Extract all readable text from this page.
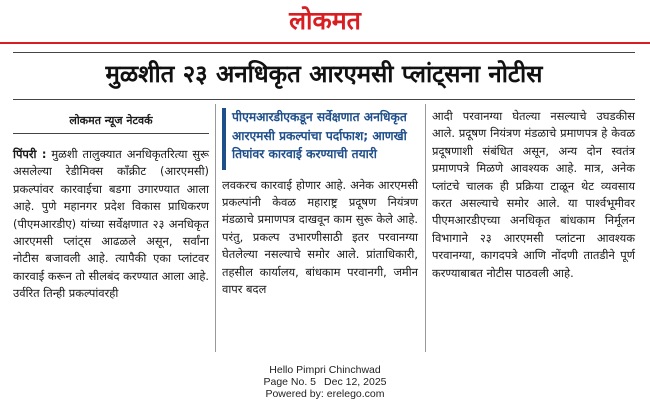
लोकमत
मुळशीत २३ अनधिकृत आरएमसी प्लांट्सना नोटीस
लोकमत न्यूज नेटवर्क

पिंपरी : मुळशी तालुक्यात अनधिकृतरित्या सुरू असलेल्या रेडीमिक्स काँक्रीट (आरएमसी) प्रकल्पांवर कारवाईचा बडगा उगारण्यात आला आहे. पुणे महानगर प्रदेश विकास प्राधिकरण (पीएमआरडीए) यांच्या सर्वेक्षणात २३ अनधिकृत आरएमसी प्लांट्स आढळले असून, सर्वांना नोटीस बजावली आहे. त्यापैकी एका प्लांटवर कारवाई करून तो सीलबंद करण्यात आला आहे. उर्वरित तिन्ही प्रकल्पांवरही

पीएमआरडीएकडून सर्वेक्षणात अनधिकृत आरएमसी प्रकल्पांचा पर्दाफाश; आणखी तिघांवर कारवाई करण्याची तयारी

लवकरच कारवाई होणार आहे. अनेक आरएमसी प्रकल्पांनी केवळ महाराष्ट्र प्रदूषण नियंत्रण मंडळाचे प्रमाणपत्र दाखवून काम सुरू केले आहे. परंतु, प्रकल्प उभारणीसाठी इतर परवानग्या घेतलेल्या नसल्याचे समोर आले. प्रांताधिकारी, तहसील कार्यालय, बांधकाम परवानगी, जमीन वापर बदल

आदी परवानग्या घेतल्या नसल्याचे उघडकीस आले. प्रदूषण नियंत्रण मंडळाचे प्रमाणपत्र हे केवळ प्रदूषणाशी संबंधित असून, अन्य दोन स्वतंत्र प्रमाणपत्रे मिळणे आवश्यक आहे. मात्र, अनेक प्लांटचे चालक ही प्रक्रिया टाळून थेट व्यवसाय करत असल्याचे समोर आले. या पार्श्वभूमीवर पीएमआरडीएच्या अनधिकृत बांधकाम निर्मूलन विभागाने २३ आरएमसी प्लांटना आवश्यक परवानग्या, कागदपत्रे आणि नोंदणी तातडीने पूर्ण करण्याबाबत नोटीस पाठवली आहे.

Hello Pimpri Chinchwad
Page No. 5 Dec 12, 2025
Powered by: erelego.com
